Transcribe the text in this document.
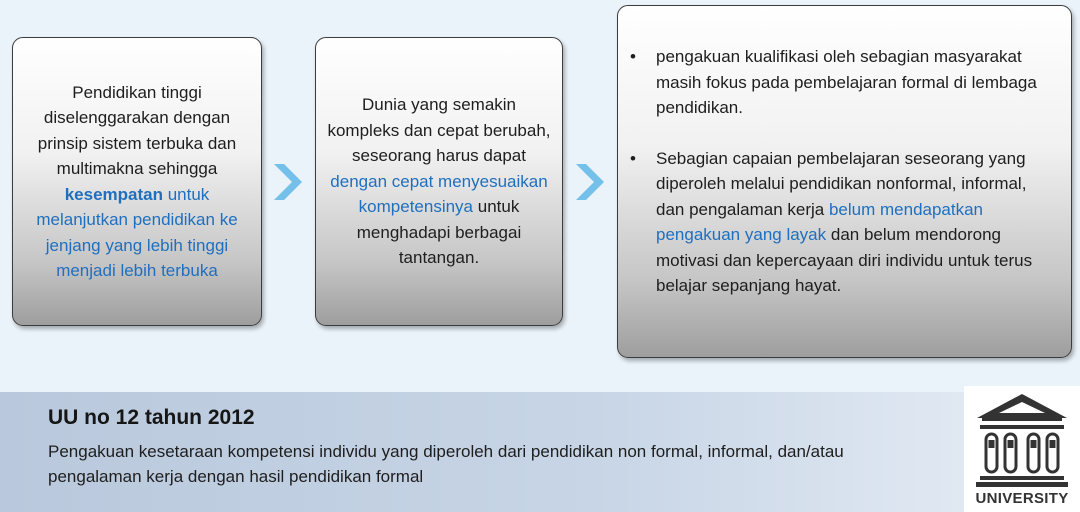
Pendidikan tinggi diselenggarakan dengan prinsip sistem terbuka dan multimakna sehingga kesempatan untuk melanjutkan pendidikan ke jenjang yang lebih tinggi menjadi lebih terbuka

Dunia yang semakin kompleks dan cepat berubah, seseorang harus dapat dengan cepat menyesuaikan kompetensinya untuk menghadapi berbagai tantangan.

• pengakuan kualifikasi oleh sebagian masyarakat masih fokus pada pembelajaran formal di lembaga pendidikan.
• Sebagian capaian pembelajaran seseorang yang diperoleh melalui pendidikan nonformal, informal, dan pengalaman kerja belum mendapatkan pengakuan yang layak dan belum mendorong motivasi dan kepercayaan diri individu untuk terus belajar sepanjang hayat.
UU no 12 tahun 2012
Pengakuan kesetaraan kompetensi individu yang diperoleh dari pendidikan non formal, informal, dan/atau pengalaman kerja dengan hasil pendidikan formal
UNIVERSITY
